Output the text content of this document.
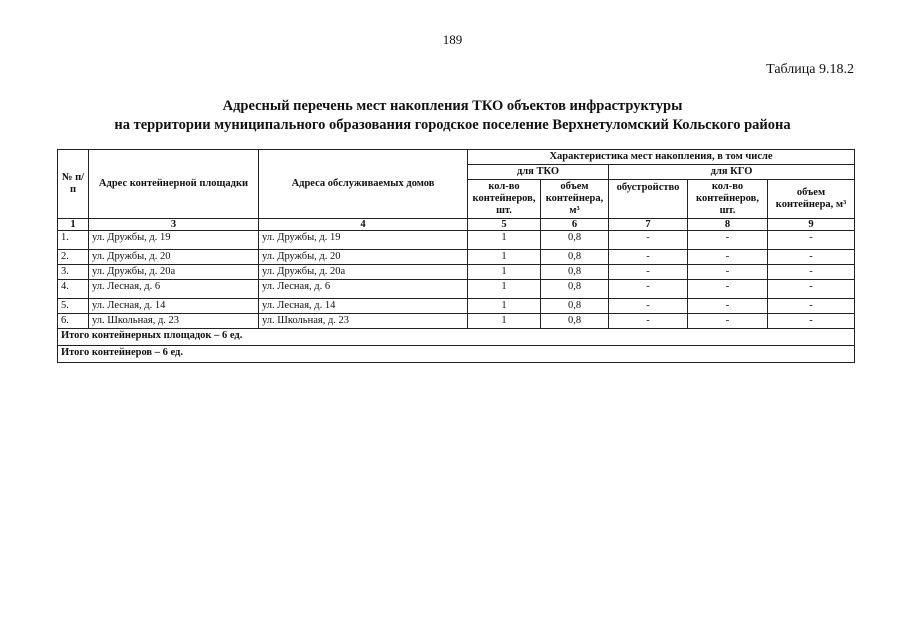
189
Таблица 9.18.2
Адресный перечень мест накопления ТКО объектов инфраструктуры
на территории муниципального образования городское поселение Верхнетуломский Кольского района
№ п/п	Адрес контейнерной площадки	Адреса обслуживаемых домов	Характеристика мест накопления, в том числе				
			для ТКО		для КГО		
			кол-во контейнеров, шт.	объем контейнера, м³	обустройство	кол-во контейнеров, шт.	объем контейнера, м³
1	3	4	5	6	7	8	9
1.	ул. Дружбы, д. 19	ул. Дружбы, д. 19	1	0,8	-	-	-
2.	ул. Дружбы, д. 20	ул. Дружбы, д. 20	1	0,8	-	-	-
3.	ул. Дружбы, д. 20а	ул. Дружбы, д. 20а	1	0,8	-	-	-
4.	ул. Лесная, д. 6	ул. Лесная, д. 6	1	0,8	-	-	-
5.	ул. Лесная, д. 14	ул. Лесная, д. 14	1	0,8	-	-	-
6.	ул. Школьная, д. 23	ул. Школьная, д. 23	1	0,8	-	-	-
Итого контейнерных площадок – 6 ед.							
Итого контейнеров – 6 ед.							
